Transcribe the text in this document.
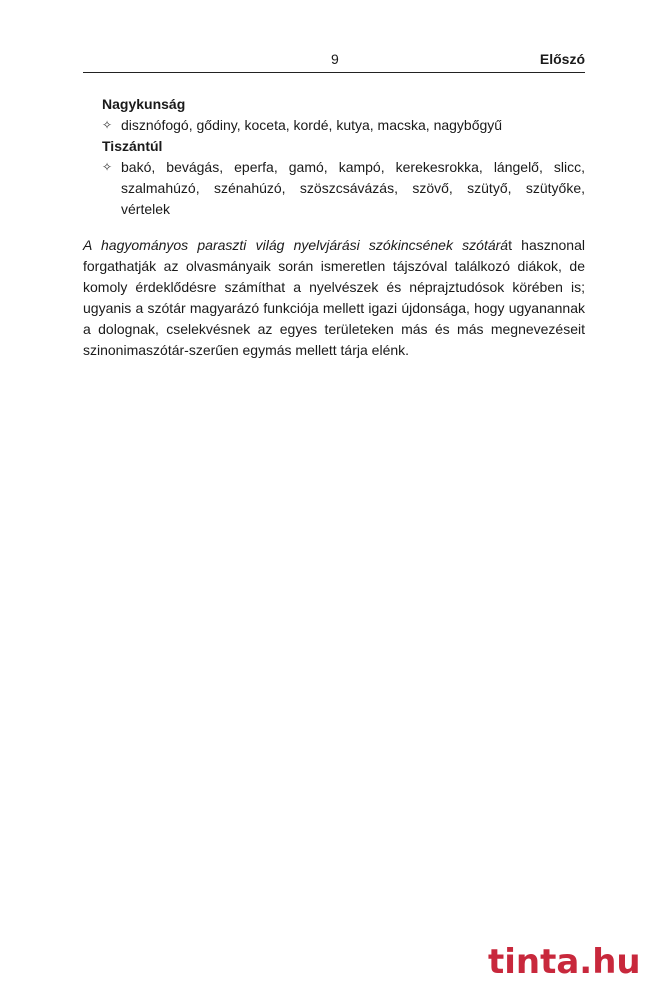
9	Előszó
Nagykunság
✧ disznófogó, gődiny, koceta, kordé, kutya, macska, nagybőgyű
Tiszántúl
✧ bakó, bevágás, eperfa, gamó, kampó, kerekesrokka, lángelő, slicc, szalmahúzó, szénahúzó, szöszcsávázás, szövő, szütyő, szütyőke, vértelek
A hagyományos paraszti világ nyelvjárási szókincsének szótárát hasznonal forgathatják az olvasmányaik során ismeretlen tájszóval találkozó diákok, de komoly érdeklődésre számíthat a nyelvészek és néprajztudósok körében is; ugyanis a szótár magyarázó funkciója mellett igazi újdonsága, hogy ugyanannak a dolognak, cselekvésnek az egyes területeken más és más megnevezéseit szinonimaszótár-szerűen egymás mellett tárja elénk.
tinta.hu
